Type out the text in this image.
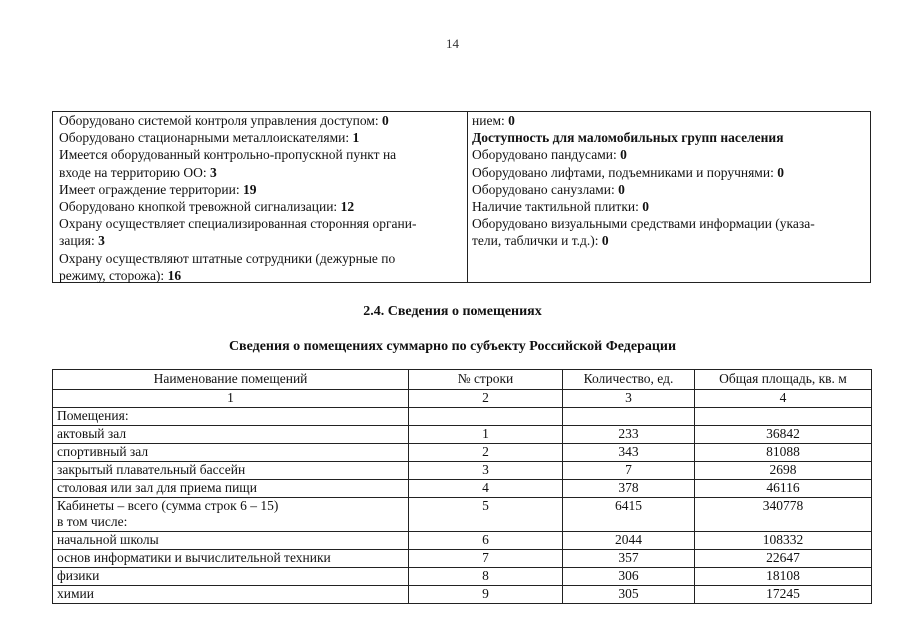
14
Оборудовано системой контроля управления доступом: 0
Оборудовано стационарными металлоискателями: 1
Имеется оборудованный контрольно-пропускной пункт на
входе на территорию ОО: 3
Имеет ограждение территории: 19
Оборудовано кнопкой тревожной сигнализации: 12
Охрану осуществляет специализированная сторонняя органи-
зация: 3
Охрану осуществляют штатные сотрудники (дежурные по
режиму, сторожа): 16
нием: 0
Доступность для маломобильных групп населения
Оборудовано пандусами: 0
Оборудовано лифтами, подъемниками и поручнями: 0
Оборудовано санузлами: 0
Наличие тактильной плитки: 0
Оборудовано визуальными средствами информации (указа-
тели, таблички и т.д.): 0
2.4. Сведения о помещениях
Сведения о помещениях суммарно по субъекту Российской Федерации
Наименование помещений	№ строки	Количество, ед.	Общая площадь, кв. м
1	2	3	4
Помещения:			
актовый зал	1	233	36842
спортивный зал	2	343	81088
закрытый плавательный бассейн	3	7	2698
столовая или зал для приема пищи	4	378	46116

Кабинеты – всего (сумма строк 6 – 15)
в том числе:	5	6415	340778
начальной школы	6	2044	108332
основ информатики и вычислительной техники	7	357	22647
физики	8	306	18108
химии	9	305	17245
